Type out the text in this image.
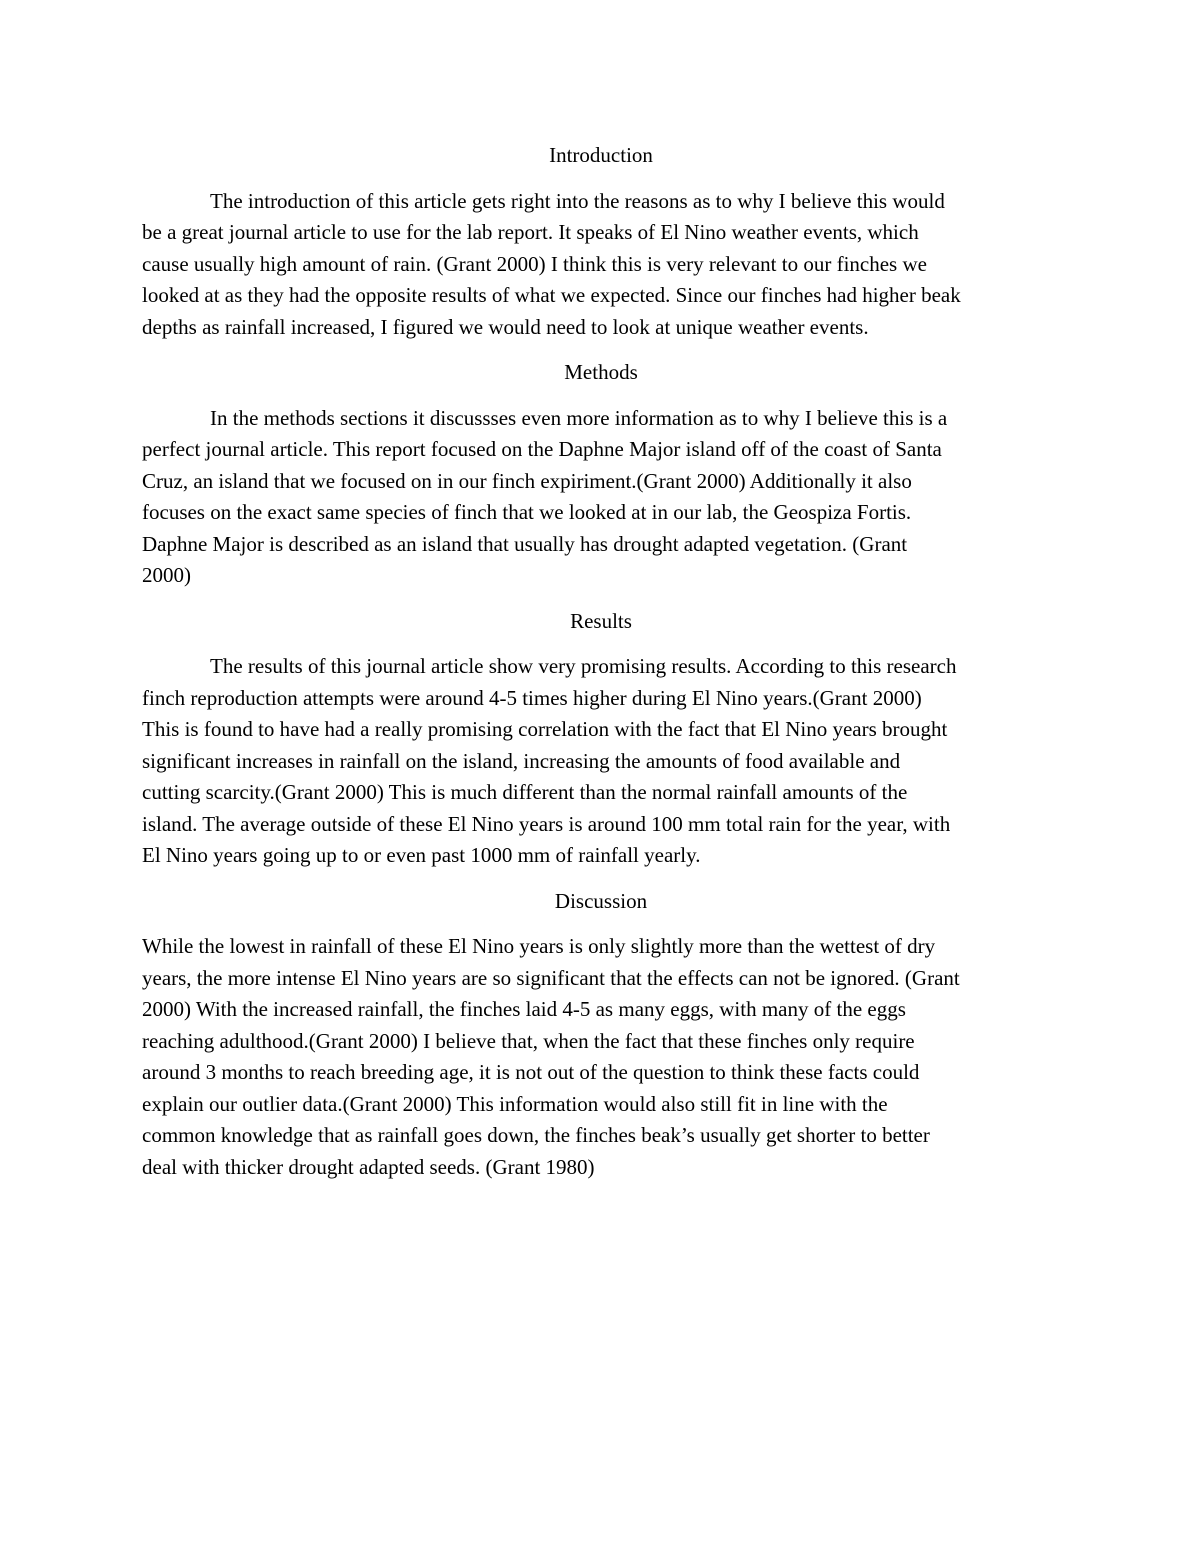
Introduction
The introduction of this article gets right into the reasons as to why I believe this would
be a great journal article to use for the lab report. It speaks of El Nino weather events, which
cause usually high amount of rain. (Grant 2000) I think this is very relevant to our finches we
looked at as they had the opposite results of what we expected. Since our finches had higher beak
depths as rainfall increased, I figured we would need to look at unique weather events.
Methods
In the methods sections it discussses even more information as to why I believe this is a
perfect journal article. This report focused on the Daphne Major island off of the coast of Santa
Cruz, an island that we focused on in our finch expiriment.(Grant 2000) Additionally it also
focuses on the exact same species of finch that we looked at in our lab, the Geospiza Fortis.
Daphne Major is described as an island that usually has drought adapted vegetation. (Grant
2000)
Results
The results of this journal article show very promising results. According to this research
finch reproduction attempts were around 4-5 times higher during El Nino years.(Grant 2000)
This is found to have had a really promising correlation with the fact that El Nino years brought
significant increases in rainfall on the island, increasing the amounts of food available and
cutting scarcity.(Grant 2000) This is much different than the normal rainfall amounts of the
island. The average outside of these El Nino years is around 100 mm total rain for the year, with
El Nino years going up to or even past 1000 mm of rainfall yearly.
Discussion
While the lowest in rainfall of these El Nino years is only slightly more than the wettest of dry
years, the more intense El Nino years are so significant that the effects can not be ignored. (Grant
2000) With the increased rainfall, the finches laid 4-5 as many eggs, with many of the eggs
reaching adulthood.(Grant 2000) I believe that, when the fact that these finches only require
around 3 months to reach breeding age, it is not out of the question to think these facts could
explain our outlier data.(Grant 2000) This information would also still fit in line with the
common knowledge that as rainfall goes down, the finches beak’s usually get shorter to better
deal with thicker drought adapted seeds. (Grant 1980)
